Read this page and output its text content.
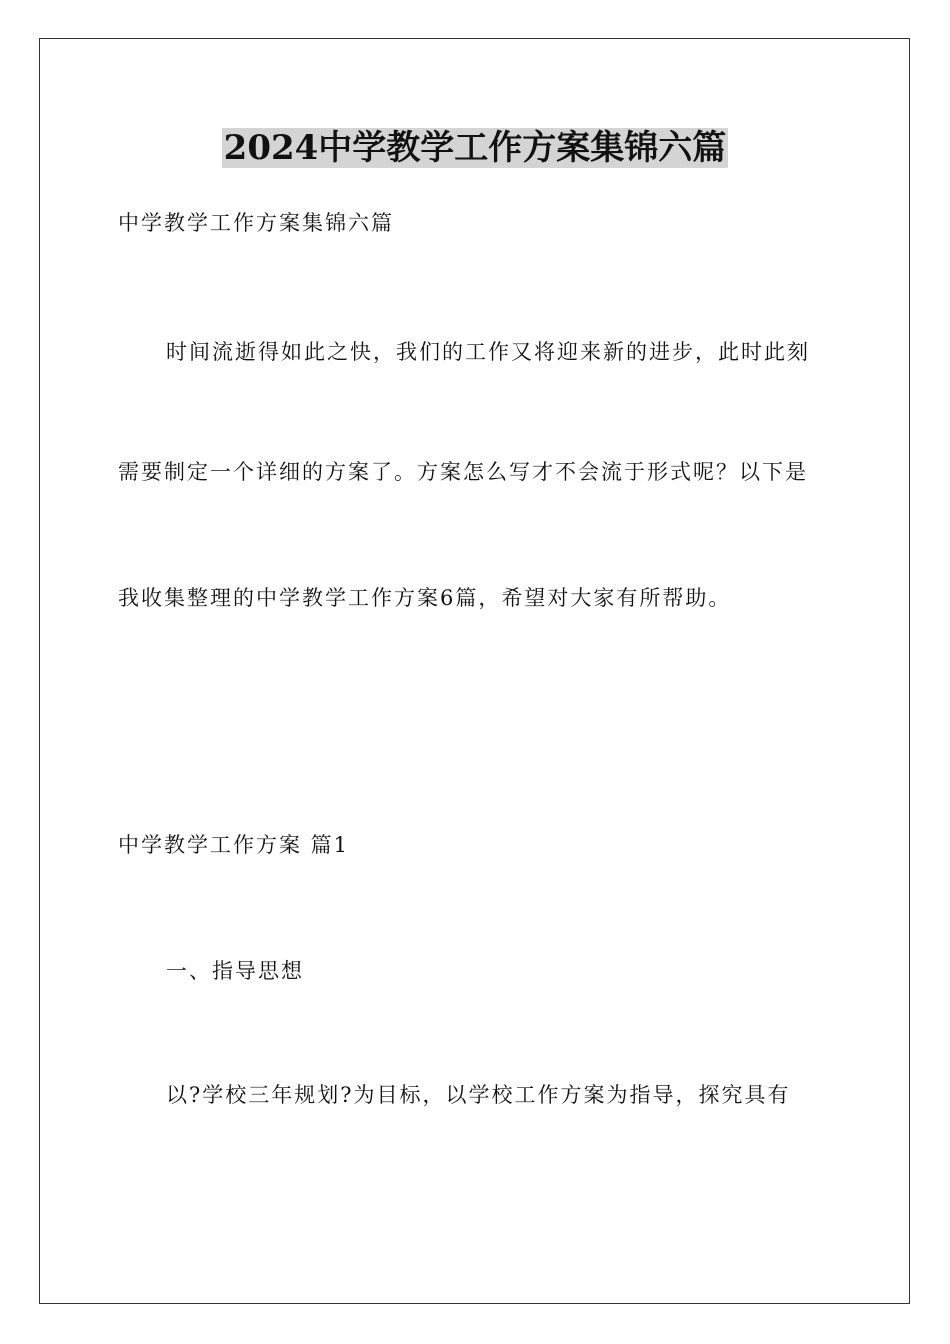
2024中学教学工作方案集锦六篇
中学教学工作方案集锦六篇
时间流逝得如此之快，我们的工作又将迎来新的进步，此时此刻
需要制定一个详细的方案了。方案怎么写才不会流于形式呢？以下是
我收集整理的中学教学工作方案6篇，希望对大家有所帮助。
中学教学工作方案 篇1
一、指导思想
以?学校三年规划?为目标，以学校工作方案为指导，探究具有
